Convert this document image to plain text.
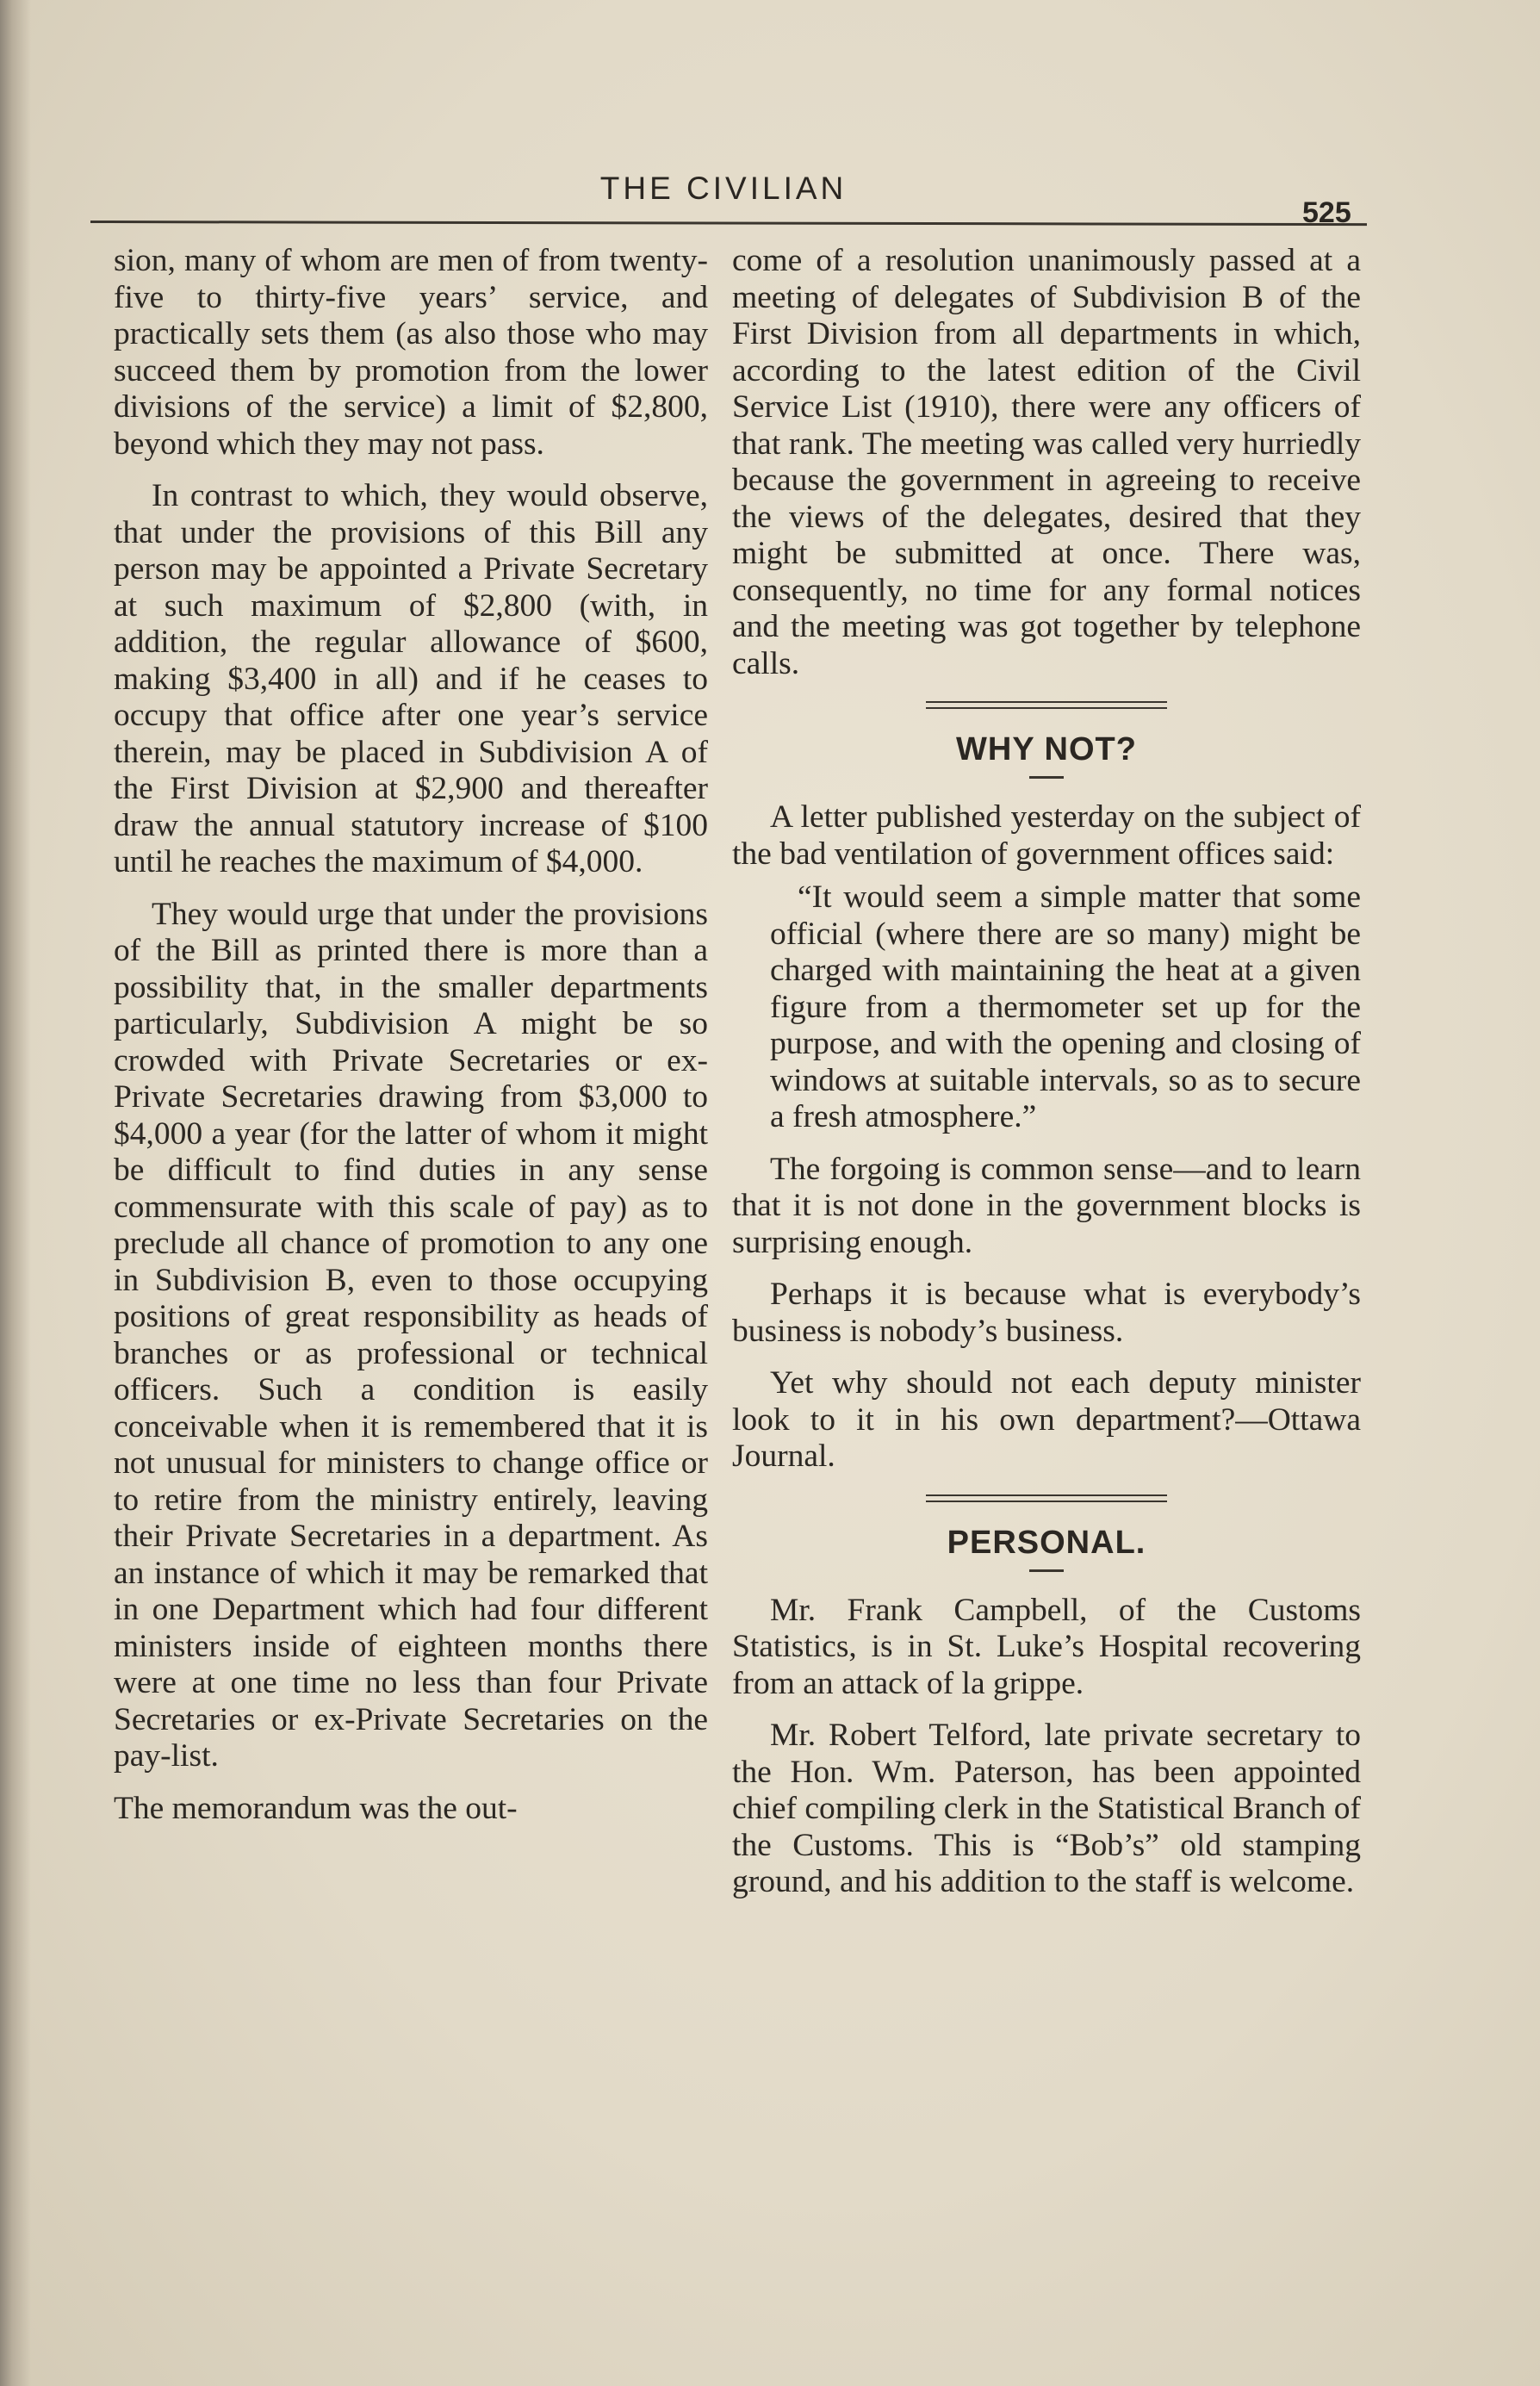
THE CIVILIAN
525

sion, many of whom are men of from twenty-five to thirty-five years’ service, and practically sets them (as also those who may succeed them by promotion from the lower divisions of the service) a limit of $2,800, beyond which they may not pass.

In contrast to which, they would observe, that under the provisions of this Bill any person may be appointed a Private Secretary at such maximum of $2,800 (with, in addition, the regular allowance of $600, making $3,400 in all) and if he ceases to occupy that office after one year’s service therein, may be placed in Subdivision A of the First Division at $2,900 and thereafter draw the annual statutory increase of $100 until he reaches the maximum of $4,000.

They would urge that under the provisions of the Bill as printed there is more than a possibility that, in the smaller departments particularly, Subdivision A might be so crowded with Private Secretaries or ex-Private Secretaries drawing from $3,000 to $4,000 a year (for the latter of whom it might be difficult to find duties in any sense commensurate with this scale of pay) as to preclude all chance of promotion to any one in Subdivision B, even to those occupying positions of great responsibility as heads of branches or as professional or technical officers. Such a condition is easily conceivable when it is remembered that it is not unusual for ministers to change office or to retire from the ministry entirely, leaving their Private Secretaries in a department. As an instance of which it may be remarked that in one Department which had four different ministers inside of eighteen months there were at one time no less than four Private Secretaries or ex-Private Secretaries on the pay-list.

The memorandum was the out-

come of a resolution unanimously passed at a meeting of delegates of Subdivision B of the First Division from all departments in which, according to the latest edition of the Civil Service List (1910), there were any officers of that rank. The meeting was called very hurriedly because the government in agreeing to receive the views of the delegates, desired that they might be submitted at once. There was, consequently, no time for any formal notices and the meeting was got together by telephone calls.

WHY NOT?

A letter published yesterday on the subject of the bad ventilation of government offices said:

“It would seem a simple matter that some official (where there are so many) might be charged with maintaining the heat at a given figure from a thermometer set up for the purpose, and with the opening and closing of windows at suitable intervals, so as to secure a fresh atmosphere.”

The forgoing is common sense—and to learn that it is not done in the government blocks is surprising enough.

Perhaps it is because what is everybody’s business is nobody’s business.

Yet why should not each deputy minister look to it in his own department?—Ottawa Journal.

PERSONAL.

Mr. Frank Campbell, of the Customs Statistics, is in St. Luke’s Hospital recovering from an attack of la grippe.

Mr. Robert Telford, late private secretary to the Hon. Wm. Paterson, has been appointed chief compiling clerk in the Statistical Branch of the Customs. This is “Bob’s” old stamping ground, and his addition to the staff is welcome.
